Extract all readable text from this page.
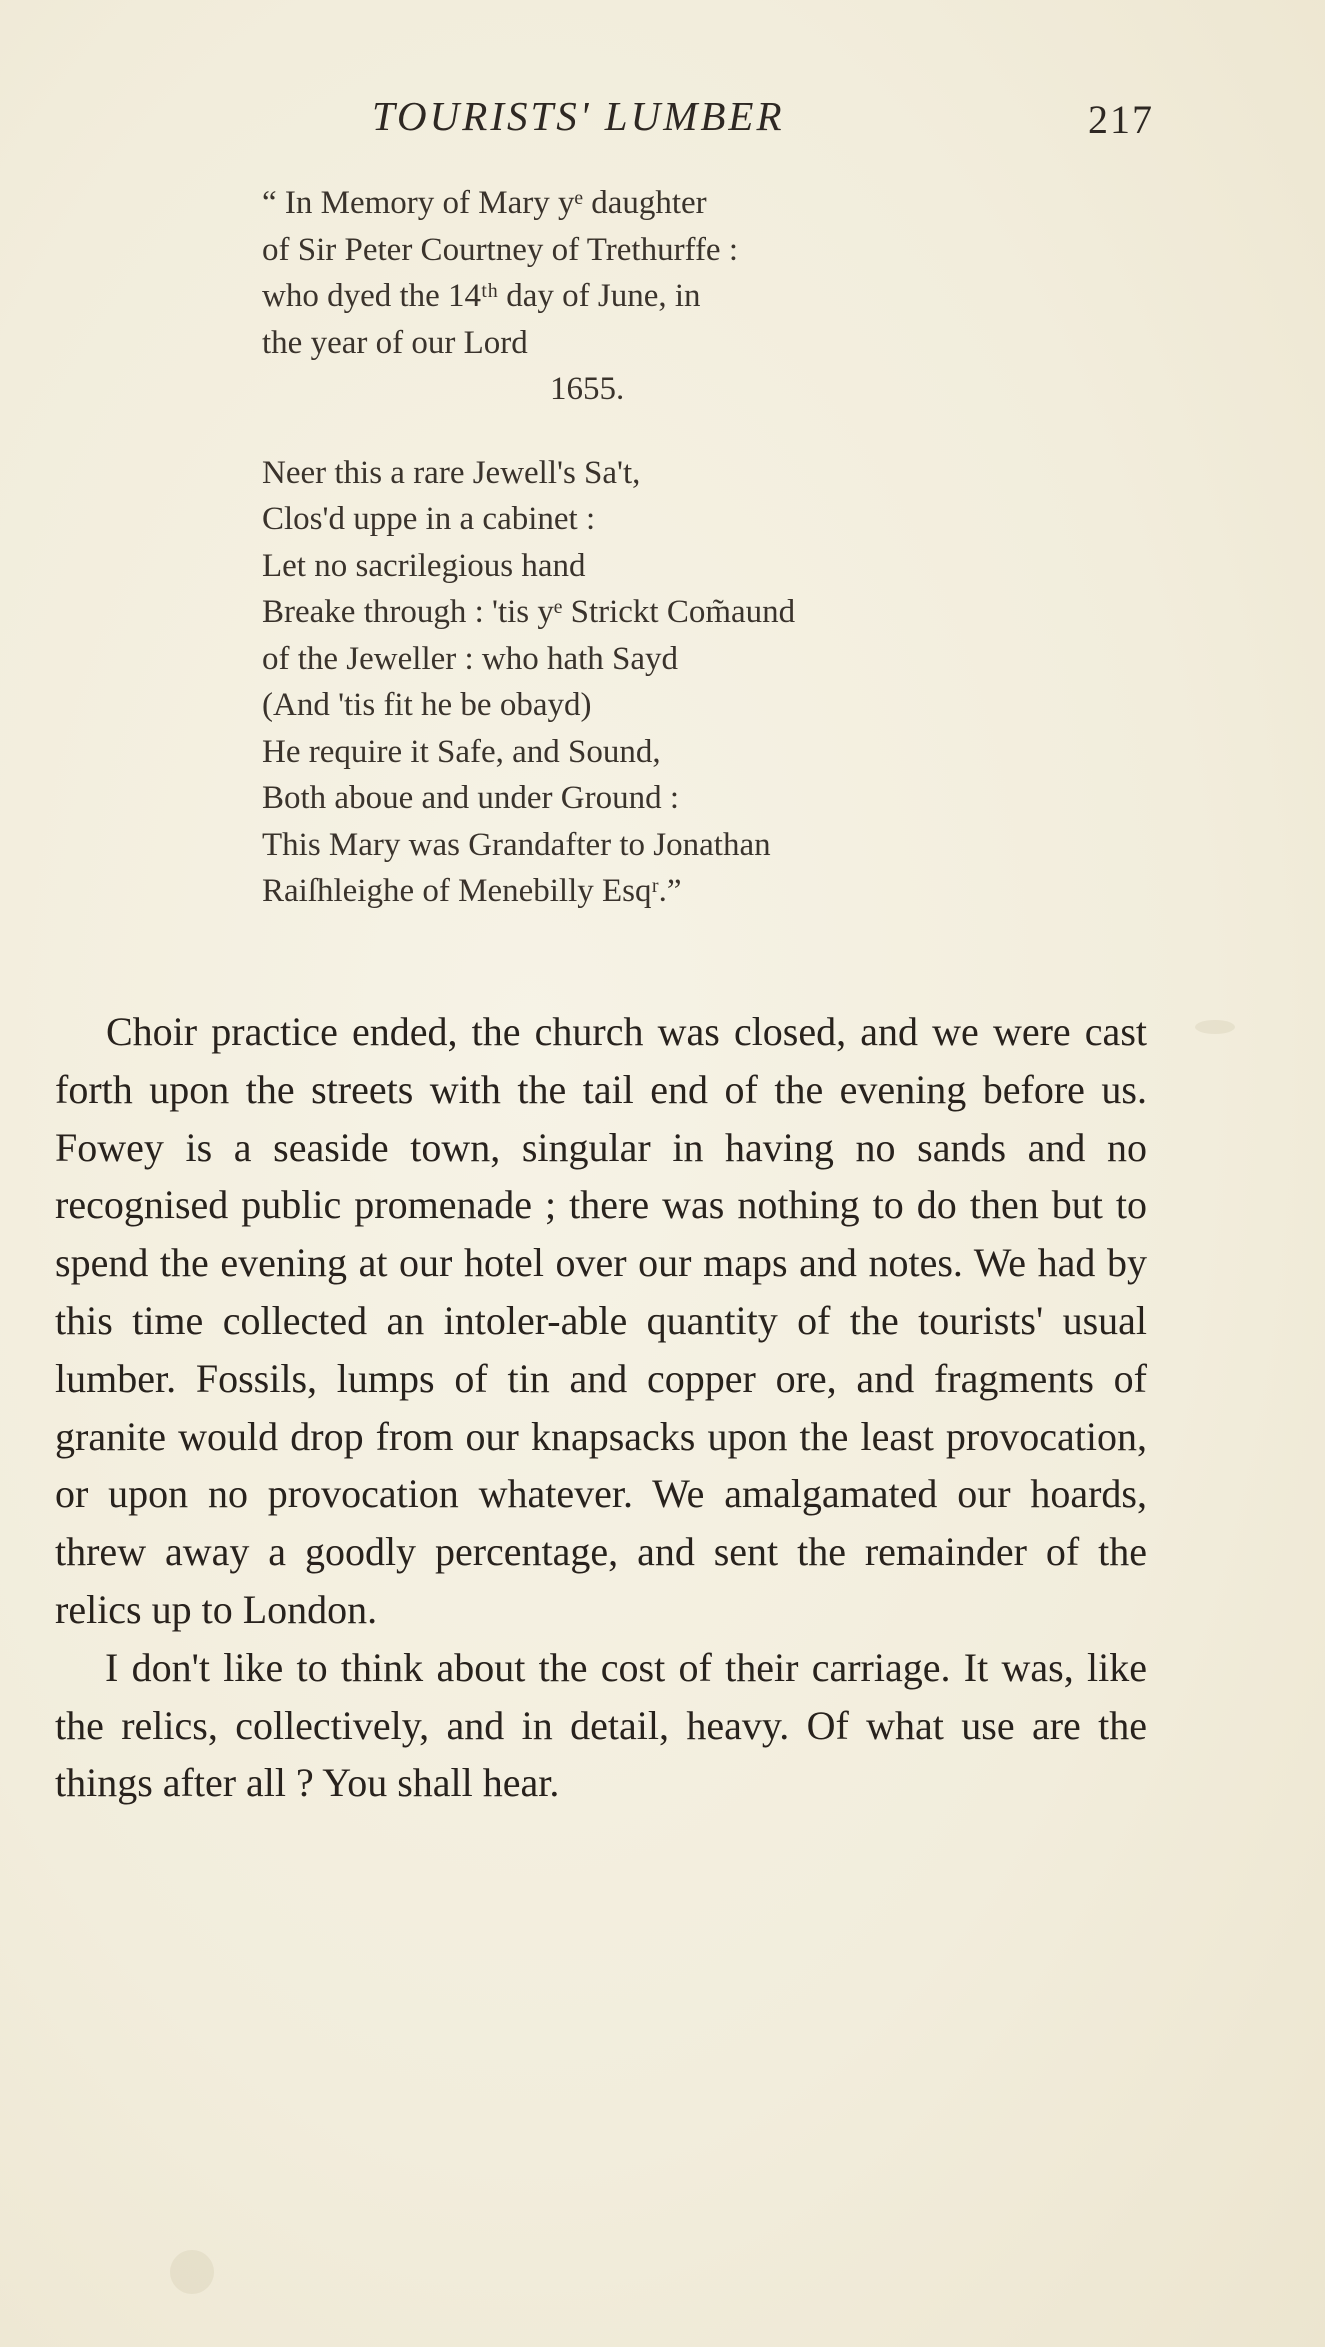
TOURISTS' LUMBER	217
“ In Memory of Mary yᵉ daughter
of Sir Peter Courtney of Trethurffe :
who dyed the 14ᵗʰ day of June, in
the year of our Lord
1655.
Neer this a rare Jewell's Sa't,
Clos'd uppe in a cabinet :
Let no sacrilegious hand
Breake through : 'tis yᵉ Strickt Com̃aund
of the Jeweller : who hath Sayd
(And 'tis fit he be obayd)
He require it Safe, and Sound,
Both aboue and under Ground :
This Mary was Grandafter to Jonathan
Raiſhleighe of Menebilly Esqʳ.”

Choir practice ended, the church was closed, and we were cast forth upon the streets with the tail end of the evening before us. Fowey is a seaside town, singular in having no sands and no recognised public promenade ; there was nothing to do then but to spend the evening at our hotel over our maps and notes. We had by this time collected an intoler-able quantity of the tourists' usual lumber. Fossils, lumps of tin and copper ore, and fragments of granite would drop from our knapsacks upon the least provocation, or upon no provocation whatever. We amalgamated our hoards, threw away a goodly percentage, and sent the remainder of the relics up to London.

I don't like to think about the cost of their carriage. It was, like the relics, collectively, and in detail, heavy. Of what use are the things after all ? You shall hear.
